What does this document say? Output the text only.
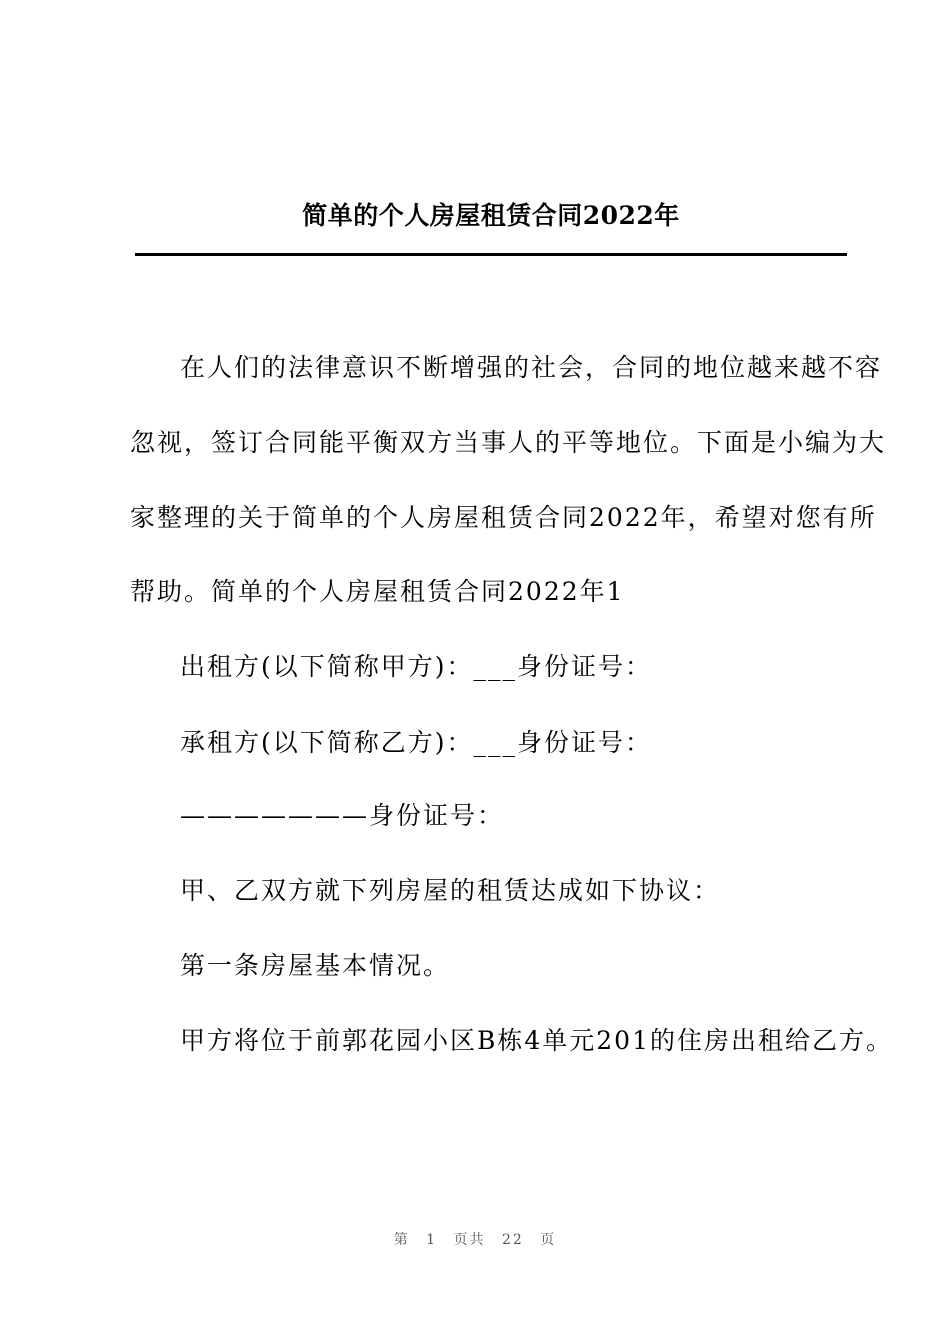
简单的个人房屋租赁合同2022年
在人们的法律意识不断增强的社会，合同的地位越来越不容
忽视，签订合同能平衡双方当事人的平等地位。下面是小编为大
家整理的关于简单的个人房屋租赁合同2022年，希望对您有所
帮助。简单的个人房屋租赁合同2022年1
出租方(以下简称甲方)：___身份证号：
承租方(以下简称乙方)：___身份证号：
———————身份证号：
甲、乙双方就下列房屋的租赁达成如下协议：
第一条房屋基本情况。
甲方将位于前郭花园小区B栋4单元201的住房出租给乙方。
第 1 页共 22 页
